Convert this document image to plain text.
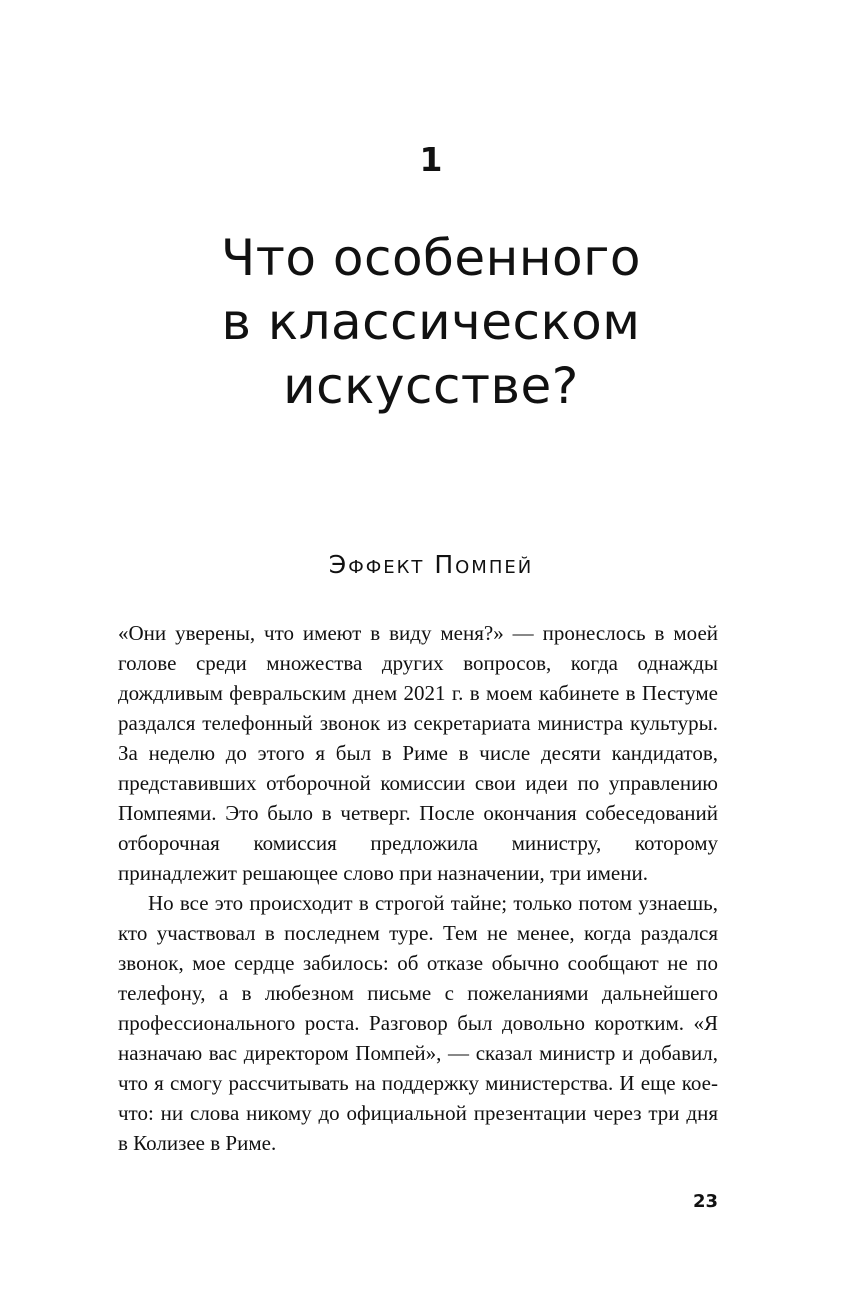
1
Что особенного
в классическом
искусстве?
Эффект Помпей

«Они уверены, что имеют в виду меня?» — пронеслось в моей голове среди множества других вопросов, когда однажды дождливым февральским днем 2021 г. в моем кабинете в Пестуме раздался телефонный звонок из секретариата министра культуры. За неделю до этого я был в Риме в числе десяти кандидатов, представивших отборочной комиссии свои идеи по управлению Помпеями. Это было в четверг. После окончания собеседований отборочная комиссия предложила министру, которому принадлежит решающее слово при назначении, три имени.

Но все это происходит в строгой тайне; только потом узнаешь, кто участвовал в последнем туре. Тем не менее, когда раздался звонок, мое сердце забилось: об отказе обычно сообщают не по телефону, а в любезном письме с пожеланиями дальнейшего профессионального роста. Разговор был довольно коротким. «Я назначаю вас директором Помпей», — сказал министр и добавил, что я смогу рассчитывать на поддержку министерства. И еще кое-что: ни слова никому до официальной презентации через три дня в Колизее в Риме.

23
